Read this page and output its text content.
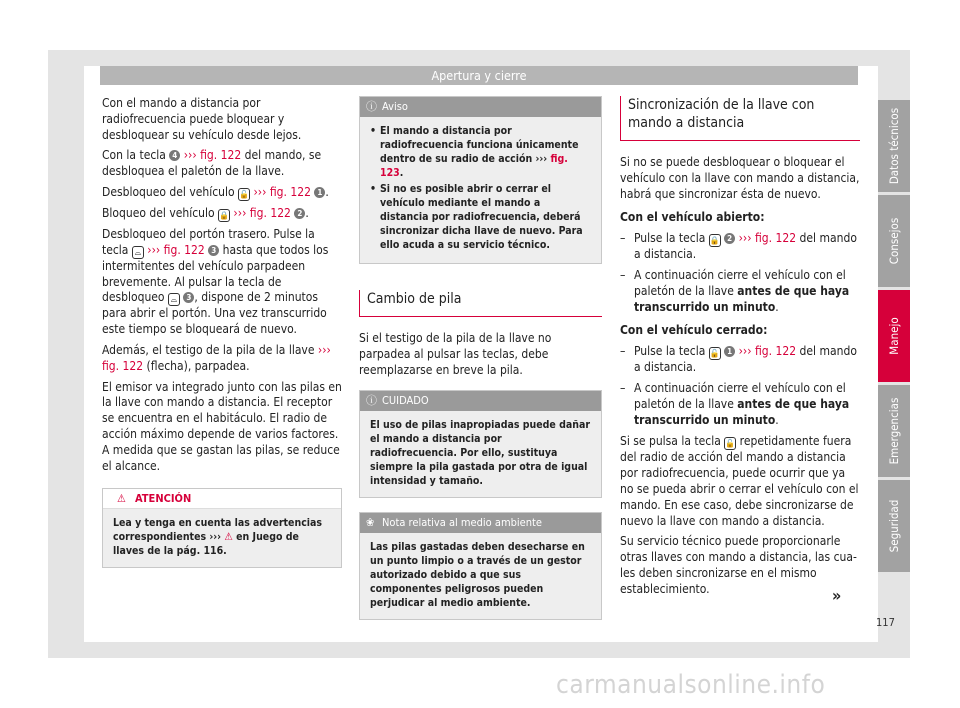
Apertura y cierre

Con el mando a distancia por radiofrecuencia puede bloquear y desbloquear su vehículo desde lejos.

Con la tecla 4 ››› fig. 122 del mando, se desbloquea el paletón de la llave.

Desbloqueo del vehículo 🔓 ››› fig. 122 1 .

Bloqueo del vehículo 🔒 ››› fig. 122 2 .

Desbloqueo del portón trasero. Pulse la tecla ⌓ ››› fig. 122 3 hasta que todos los intermitentes del vehículo parpadeen brevemente. Al pulsar la tecla de desbloqueo ⌓ 3 , dispone de 2 minutos para abrir el portón. Una vez transcurrido este tiempo se bloqueará de nuevo.

Además, el testigo de la pila de la llave ››› fig. 122 (flecha), parpadea.

El emisor va integrado junto con las pilas en la llave con mando a distancia. El receptor se encuentra en el habitáculo. El radio de acción máximo depende de varios factores. A medida que se gastan las pilas, se reduce el alcance.

⚠ ATENCIÓN
Lea y tenga en cuenta las advertencias correspondientes ››› ⚠ en Juego de llaves de la pág. 116.
ⓘ Aviso
• El mando a distancia por radiofrecuencia funciona únicamente dentro de su radio de acción ››› fig. 123.
• Si no es posible abrir o cerrar el vehículo mediante el mando a distancia por radiofrecuencia, deberá sincronizar dicha llave de nuevo. Para ello acuda a su servicio técnico.
Cambio de pila

Si el testigo de la pila de la llave no parpadea al pulsar las teclas, debe reemplazarse en breve la pila.

ⓘ CUIDADO
El uso de pilas inapropiadas puede dañar el mando a distancia por radiofrecuencia. Por ello, sustituya siempre la pila gastada por otra de igual intensidad y tamaño.
❀ Nota relativa al medio ambiente
Las pilas gastadas deben desecharse en un punto limpio o a través de un gestor autorizado debido a que sus componentes peligrosos pueden perjudicar al medio ambiente.
Sincronización de la llave con mando a distancia

Si no se puede desbloquear o bloquear el vehículo con la llave con mando a distancia, habrá que sincronizar ésta de nuevo.

Con el vehículo abierto:

– Pulse la tecla 🔒 2 ››› fig. 122 del mando a distancia.
– A continuación cierre el vehículo con el paletón de la llave antes de que haya transcurrido un minuto.

Con el vehículo cerrado:

– Pulse la tecla 🔓 1 ››› fig. 122 del mando a distancia.
– A continuación cierre el vehículo con el paletón de la llave antes de que haya transcurrido un minuto.

Si se pulsa la tecla 🔓 repetidamente fuera del radio de acción del mando a distancia por radiofrecuencia, puede ocurrir que ya no se pueda abrir o cerrar el vehículo con el mando. En ese caso, debe sincronizarse de nuevo la llave con mando a distancia.

Su servicio técnico puede proporcionarle otras llaves con mando a distancia, las cuales deben sincronizarse en el mismo establecimiento.	»
Datos técnicos
Consejos
Manejo
Emergencias
Seguridad
117
carmanualsonline.info
